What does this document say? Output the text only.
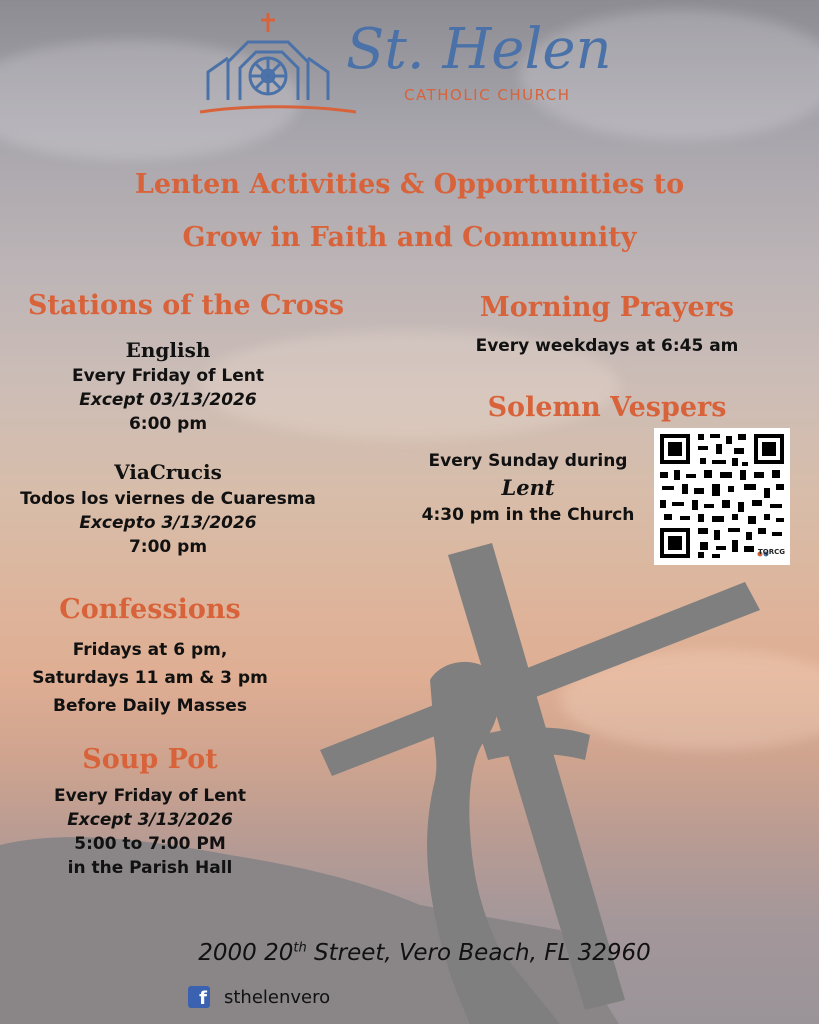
St. Helen
CATHOLIC CHURCH
Lenten Activities & Opportunities to
Grow in Faith and Community
Stations of the Cross
English
Every Friday of Lent
Except 03/13/2026
6:00 pm
ViaCrucis
Todos los viernes de Cuaresma
Excepto 3/13/2026
7:00 pm
Confessions
Fridays at 6 pm,
Saturdays 11 am & 3 pm
Before Daily Masses
Soup Pot
Every Friday of Lent
Except 3/13/2026
5:00 to 7:00 PM
in the Parish Hall
Morning Prayers
Every weekdays at 6:45 am
Solemn Vespers
Every Sunday during
Lent
4:30 pm in the Church
TQRCG
2000 20th Street, Vero Beach, FL 32960
f sthelenvero
